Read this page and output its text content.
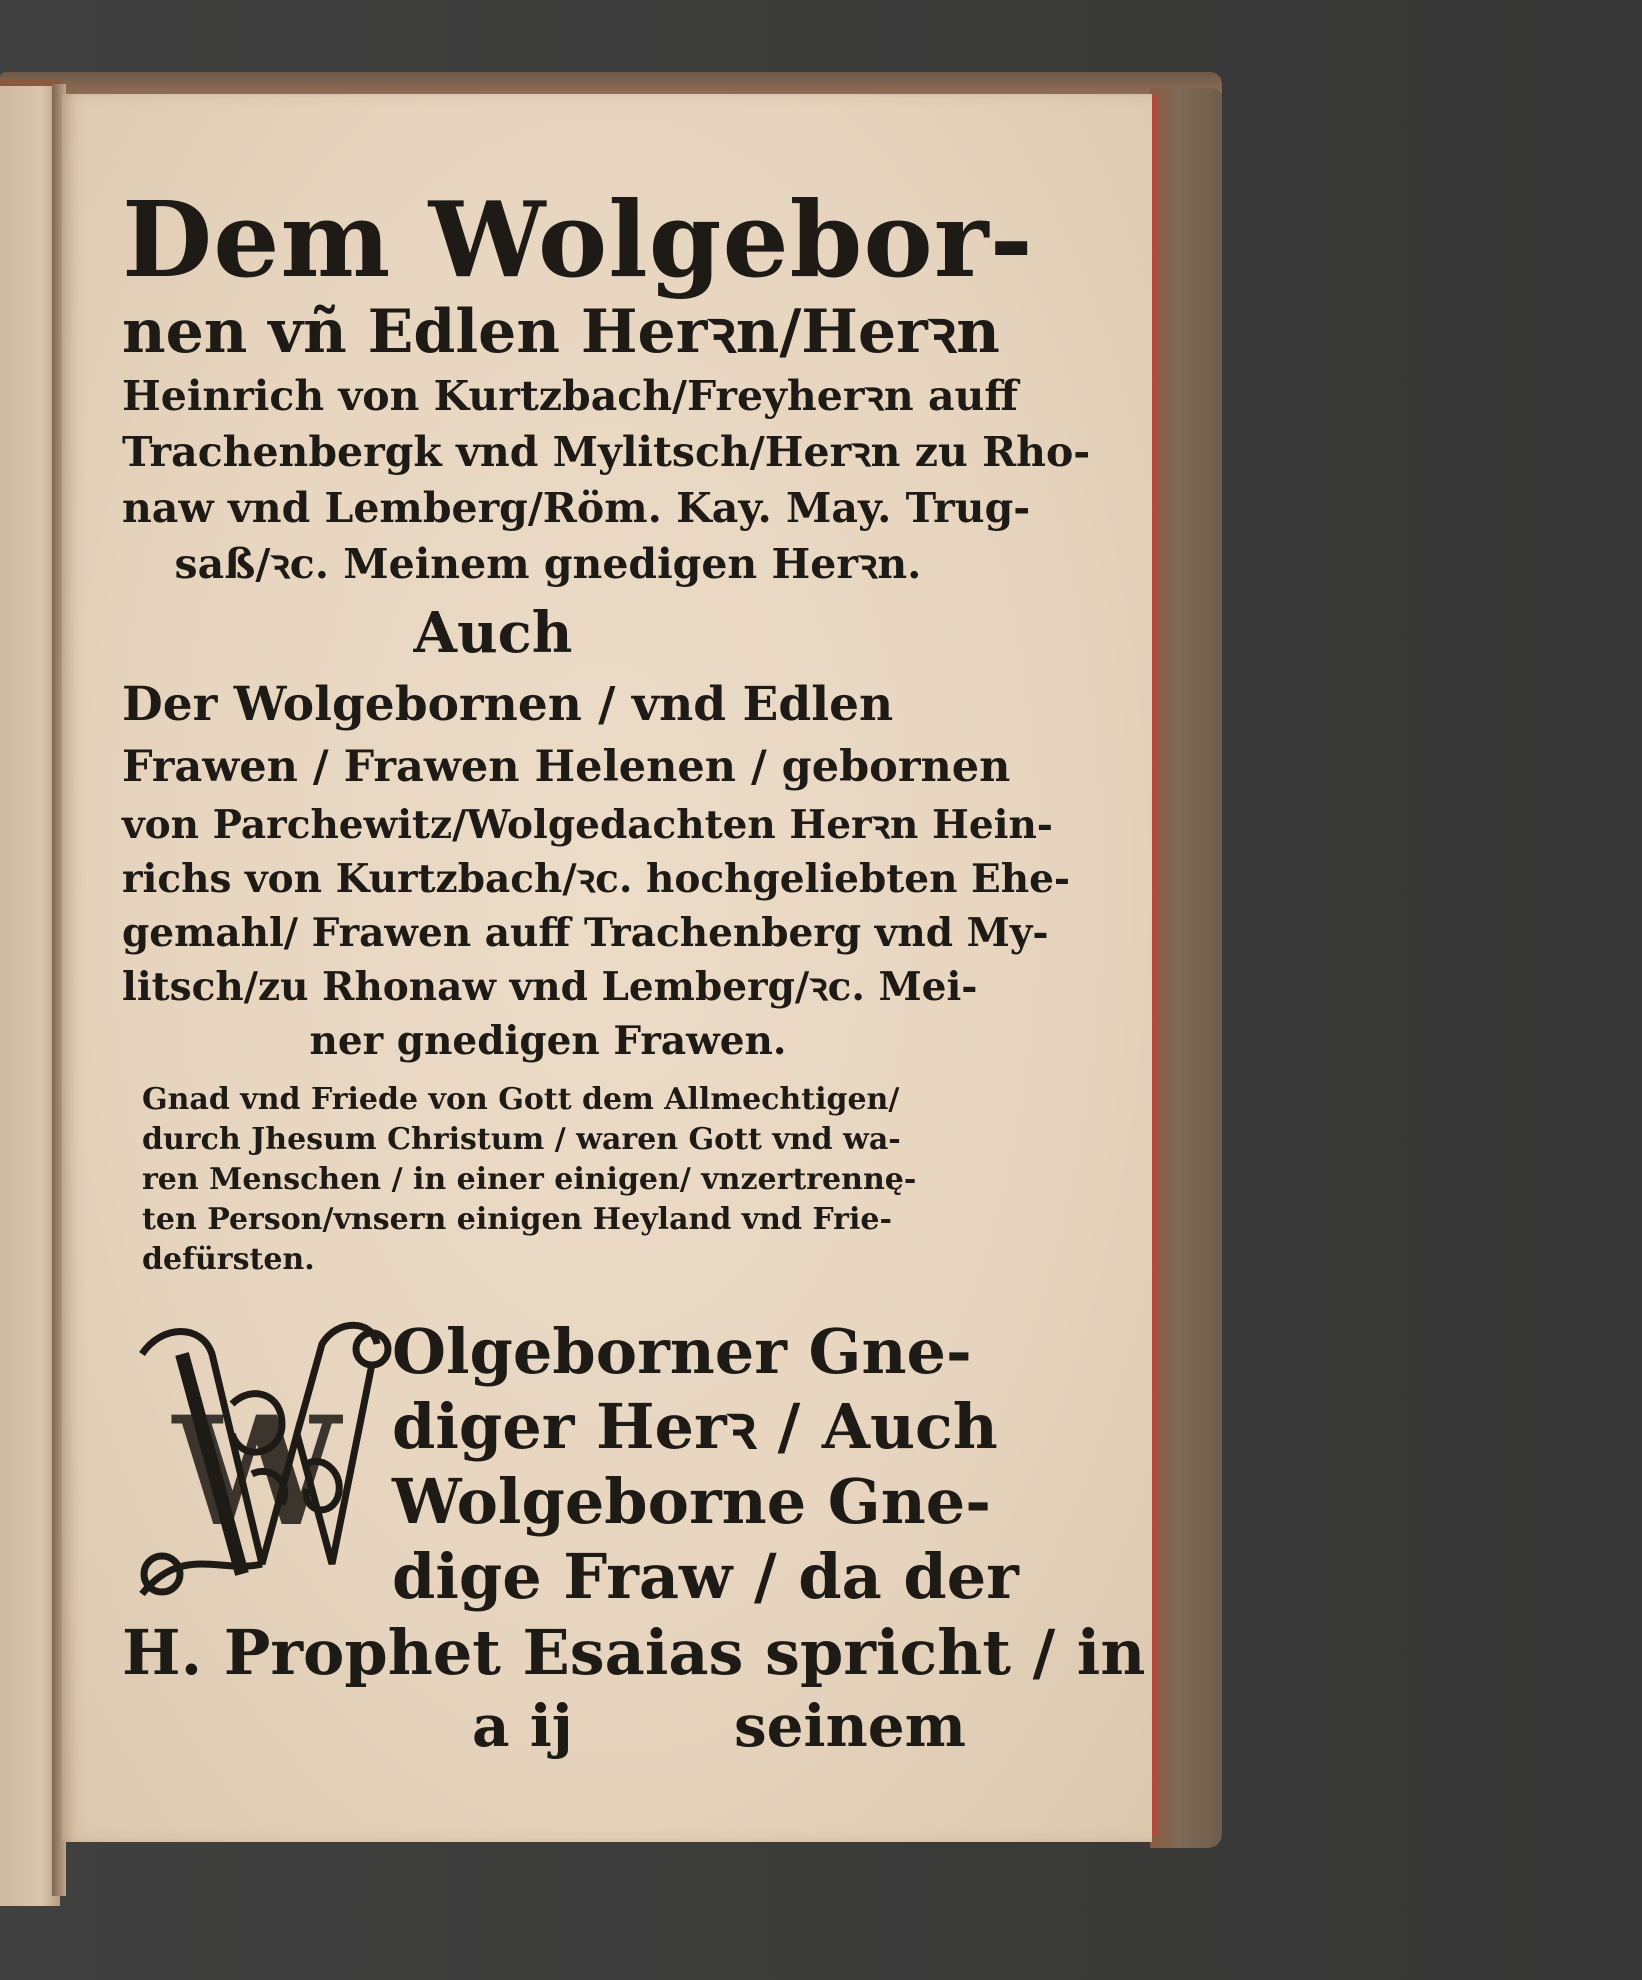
Dem Wolgebor-

nen vñ Edlen Herꝛn/Herꝛn

Heinrich von Kurtzbach/Freyherꝛn auff

Trachenbergk vnd Mylitsch/Herꝛn zu Rho-

naw vnd Lemberg/Röm. Kay. May. Trug-

saß/ꝛc. Meinem gnedigen Herꝛn.

Auch

Der Wolgebornen / vnd Edlen

Frawen / Frawen Helenen / gebornen

von Parchewitz/Wolgedachten Herꝛn Hein-

richs von Kurtzbach/ꝛc. hochgeliebten Ehe-

gemahl/ Frawen auff Trachenberg vnd My-

litsch/zu Rhonaw vnd Lemberg/ꝛc. Mei-

ner gnedigen Frawen.

Gnad vnd Friede von Gott dem Allmechtigen/

durch Jhesum Christum / waren Gott vnd wa-

ren Menschen / in einer einigen/ vnzertrennę-

ten Person/vnsern einigen Heyland vnd Frie-

defürsten.

W
Olgeborner Gne-
diger Herꝛ / Auch
Wolgeborne Gne-
dige Fraw / da der
H. Prophet Esaias spricht / in
a ij	seinem
